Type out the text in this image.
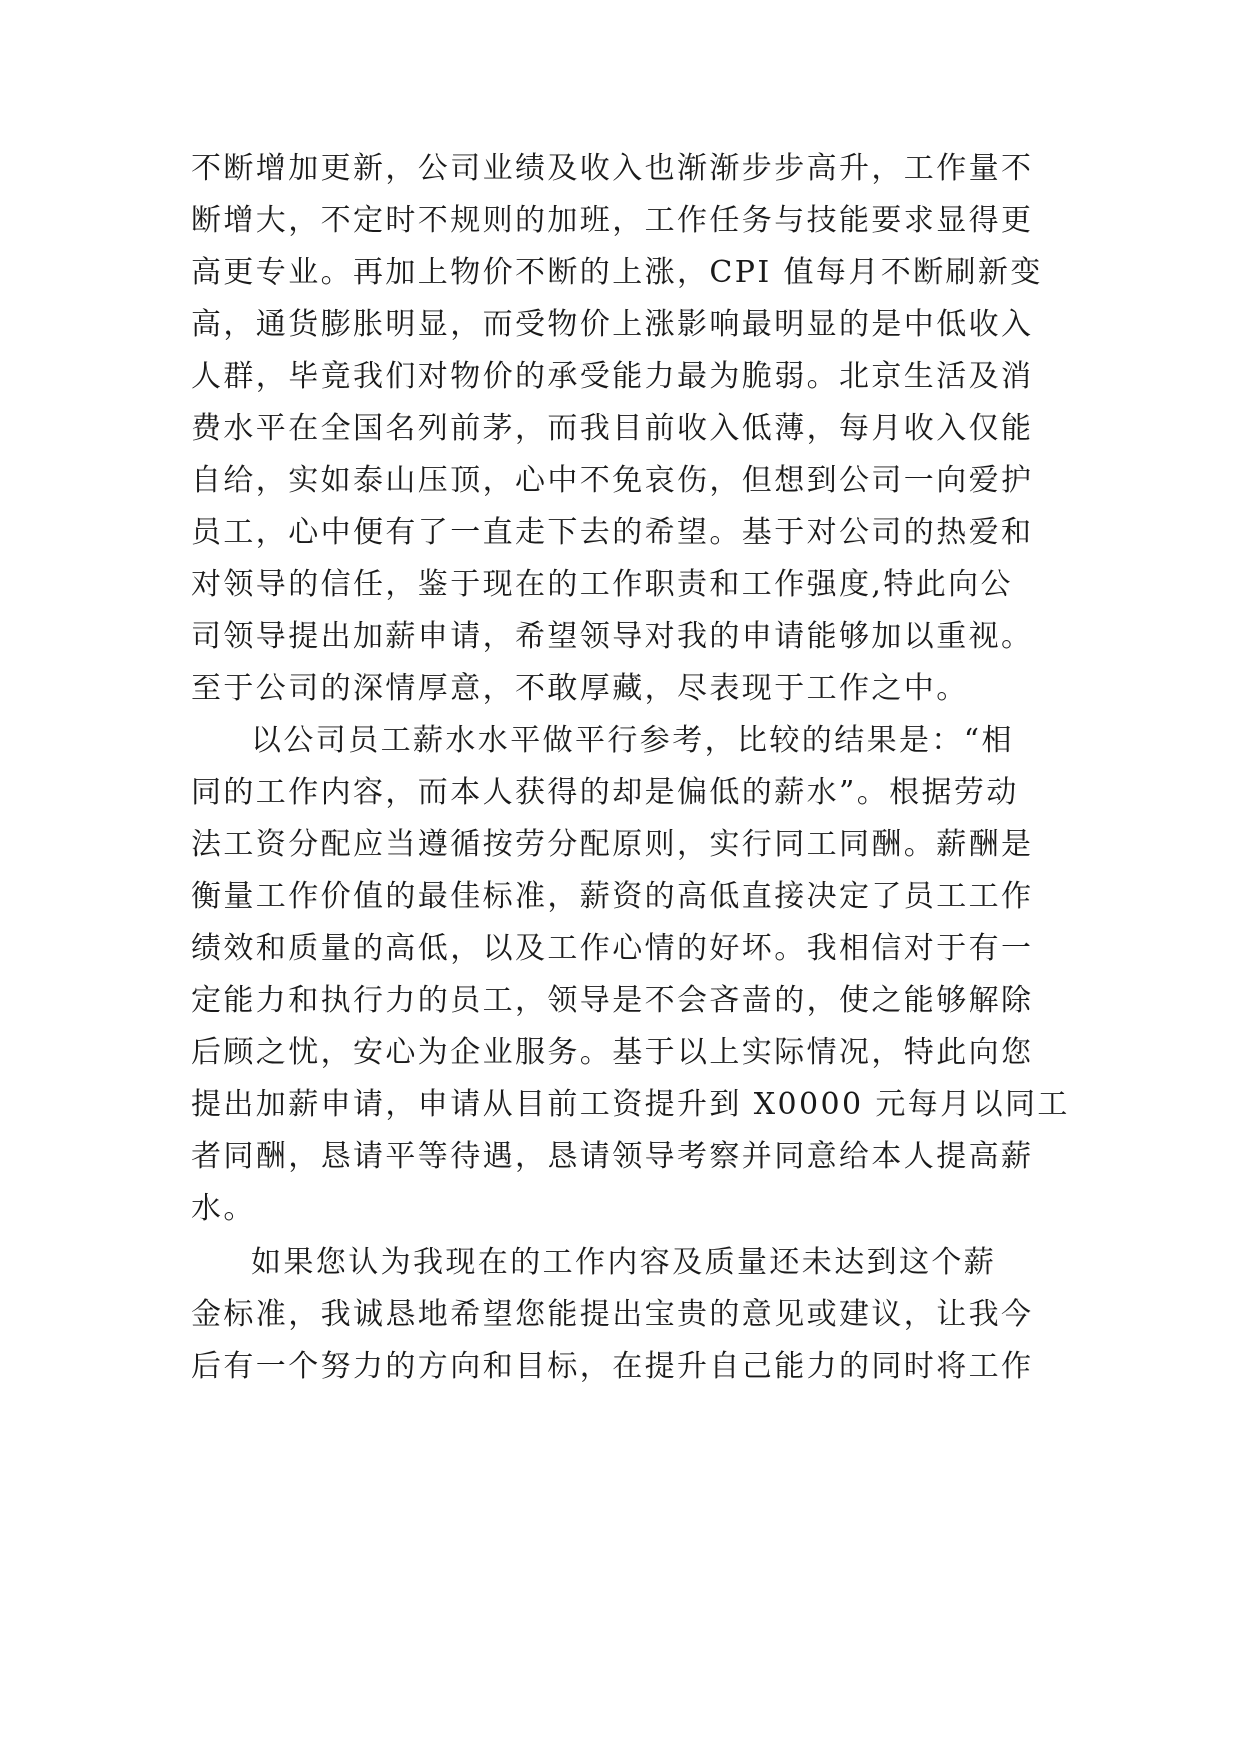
不断增加更新，公司业绩及收入也渐渐步步高升，工作量不
断增大，不定时不规则的加班，工作任务与技能要求显得更
高更专业。再加上物价不断的上涨，CPI 值每月不断刷新变
高，通货膨胀明显，而受物价上涨影响最明显的是中低收入
人群，毕竟我们对物价的承受能力最为脆弱。北京生活及消
费水平在全国名列前茅，而我目前收入低薄，每月收入仅能
自给，实如泰山压顶，心中不免哀伤，但想到公司一向爱护
员工，心中便有了一直走下去的希望。基于对公司的热爱和
对领导的信任，鉴于现在的工作职责和工作强度,特此向公
司领导提出加薪申请，希望领导对我的申请能够加以重视。
至于公司的深情厚意，不敢厚藏，尽表现于工作之中。
以公司员工薪水水平做平行参考，比较的结果是：“相
同的工作内容，而本人获得的却是偏低的薪水”。根据劳动
法工资分配应当遵循按劳分配原则，实行同工同酬。薪酬是
衡量工作价值的最佳标准，薪资的高低直接决定了员工工作
绩效和质量的高低，以及工作心情的好坏。我相信对于有一
定能力和执行力的员工，领导是不会吝啬的，使之能够解除
后顾之忧，安心为企业服务。基于以上实际情况，特此向您
提出加薪申请，申请从目前工资提升到 X0000 元每月以同工
者同酬，恳请平等待遇，恳请领导考察并同意给本人提高薪
水。
如果您认为我现在的工作内容及质量还未达到这个薪
金标准，我诚恳地希望您能提出宝贵的意见或建议，让我今
后有一个努力的方向和目标，在提升自己能力的同时将工作
